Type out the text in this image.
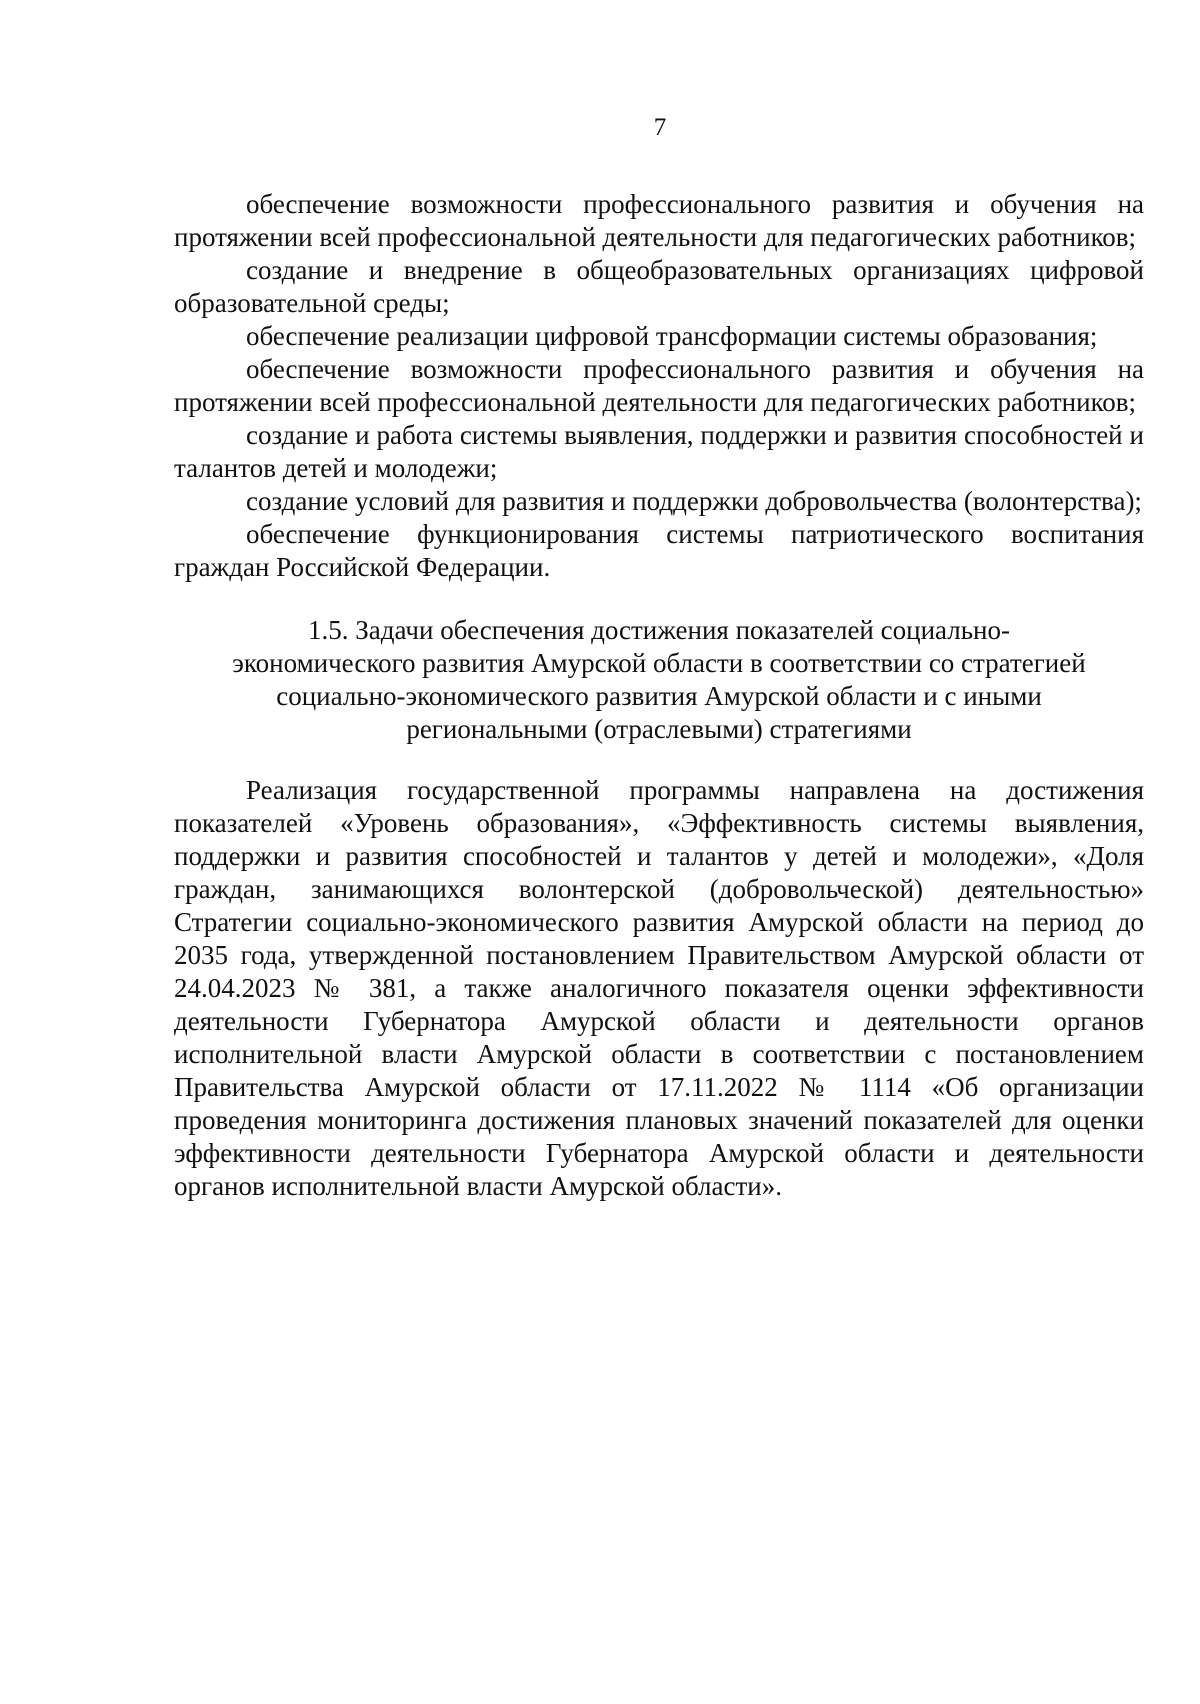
7

обеспечение возможности профессионального развития и обучения на протяжении всей профессиональной деятельности для педагогических работников;

создание и внедрение в общеобразовательных организациях цифровой образовательной среды;

обеспечение реализации цифровой трансформации системы образования;

обеспечение возможности профессионального развития и обучения на протяжении всей профессиональной деятельности для педагогических работников;

создание и работа системы выявления, поддержки и развития способностей и талантов детей и молодежи;

создание условий для развития и поддержки добровольчества (волонтерства);

обеспечение функционирования системы патриотического воспитания граждан Российской Федерации.

1.5. Задачи обеспечения достижения показателей социально-
экономического развития Амурской области в соответствии со стратегией
социально-экономического развития Амурской области и с иными
региональными (отраслевыми) стратегиями

Реализация государственной программы направлена на достижения показателей «Уровень образования», «Эффективность системы выявления, поддержки и развития способностей и талантов у детей и молодежи», «Доля граждан, занимающихся волонтерской (добровольческой) деятельностью» Стратегии социально-экономического развития Амурской области на период до 2035 года, утвержденной постановлением Правительством Амурской области от 24.04.2023 № 381, а также аналогичного показателя оценки эффективности деятельности Губернатора Амурской области и деятельности органов исполнительной власти Амурской области в соответствии с постановлением Правительства Амурской области от 17.11.2022 № 1114 «Об организации проведения мониторинга достижения плановых значений показателей для оценки эффективности деятельности Губернатора Амурской области и деятельности органов исполнительной власти Амурской области».
